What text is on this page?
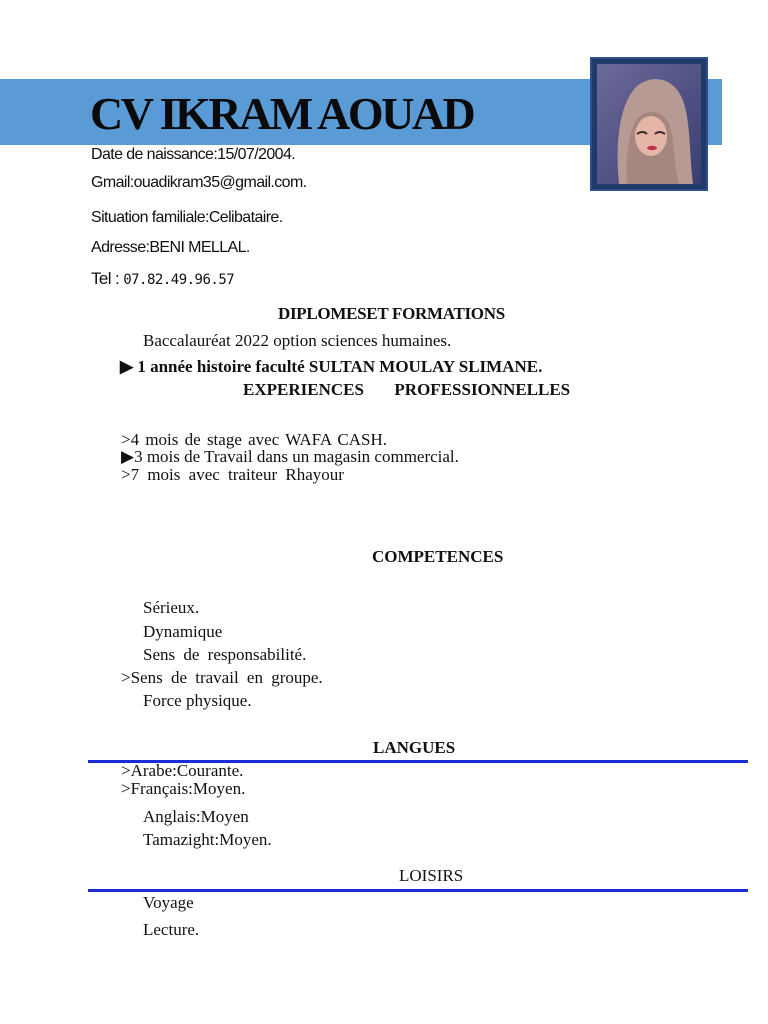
CV IKRAM AOUAD
Date de naissance:15/07/2004.
Gmail:ouadikram35@gmail.com.
Situation familiale:Celibataire.
Adresse:BENI MELLAL.
Tel : 07.82.49.96.57
DIPLOMESET FORMATIONS
Baccalauréat 2022 option sciences humaines.
▶ 1 année histoire faculté SULTAN MOULAY SLIMANE.
EXPERIENCES PROFESSIONNELLES
>4 mois de stage avec WAFA CASH.
▶3 mois de Travail dans un magasin commercial.
>7 mois avec traiteur Rhayour
COMPETENCES
Sérieux.
Dynamique
Sens de responsabilité.
>Sens de travail en groupe.
Force physique.
LANGUES
>Arabe:Courante.
>Français:Moyen.
Anglais:Moyen
Tamazight:Moyen.
LOISIRS
Voyage
Lecture.
